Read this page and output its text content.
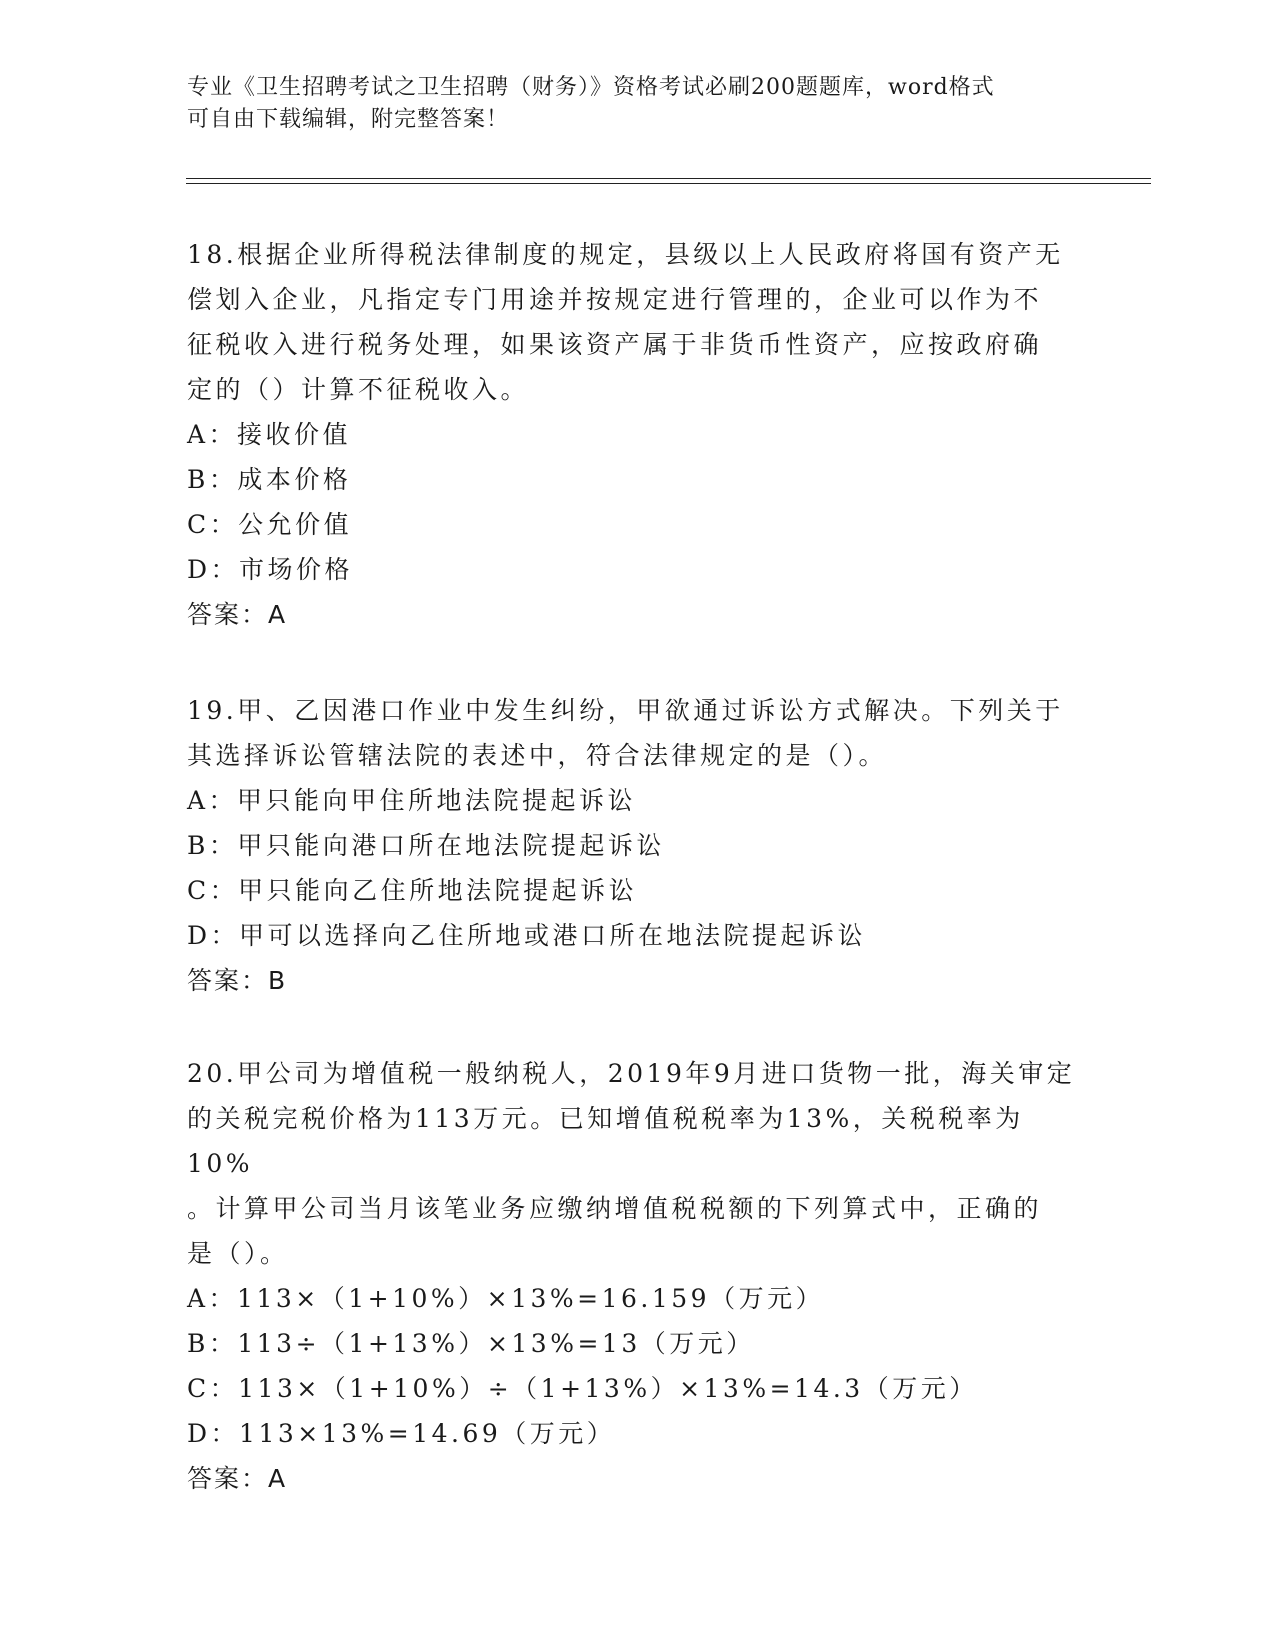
专业《卫生招聘考试之卫生招聘（财务）》资格考试必刷200题题库，word格式
可自由下载编辑，附完整答案！

18.根据企业所得税法律制度的规定，县级以上人民政府将国有资产无

偿划入企业，凡指定专门用途并按规定进行管理的，企业可以作为不

征税收入进行税务处理，如果该资产属于非货币性资产，应按政府确

定的（）计算不征税收入。

A：接收价值

B：成本价格

C：公允价值

D：市场价格

答案：A

19.甲、乙因港口作业中发生纠纷，甲欲通过诉讼方式解决。下列关于

其选择诉讼管辖法院的表述中，符合法律规定的是（）。

A：甲只能向甲住所地法院提起诉讼

B：甲只能向港口所在地法院提起诉讼

C：甲只能向乙住所地法院提起诉讼

D：甲可以选择向乙住所地或港口所在地法院提起诉讼

答案：B

20.甲公司为增值税一般纳税人，2019年9月进口货物一批，海关审定

的关税完税价格为113万元。已知增值税税率为13%，关税税率为10%

。计算甲公司当月该笔业务应缴纳增值税税额的下列算式中，正确的

是（）。

A：113×（1+10%）×13%=16.159（万元）

B：113÷（1+13%）×13%=13（万元）

C：113×（1+10%）÷（1+13%）×13%=14.3（万元）

D：113×13%=14.69（万元）

答案：A
